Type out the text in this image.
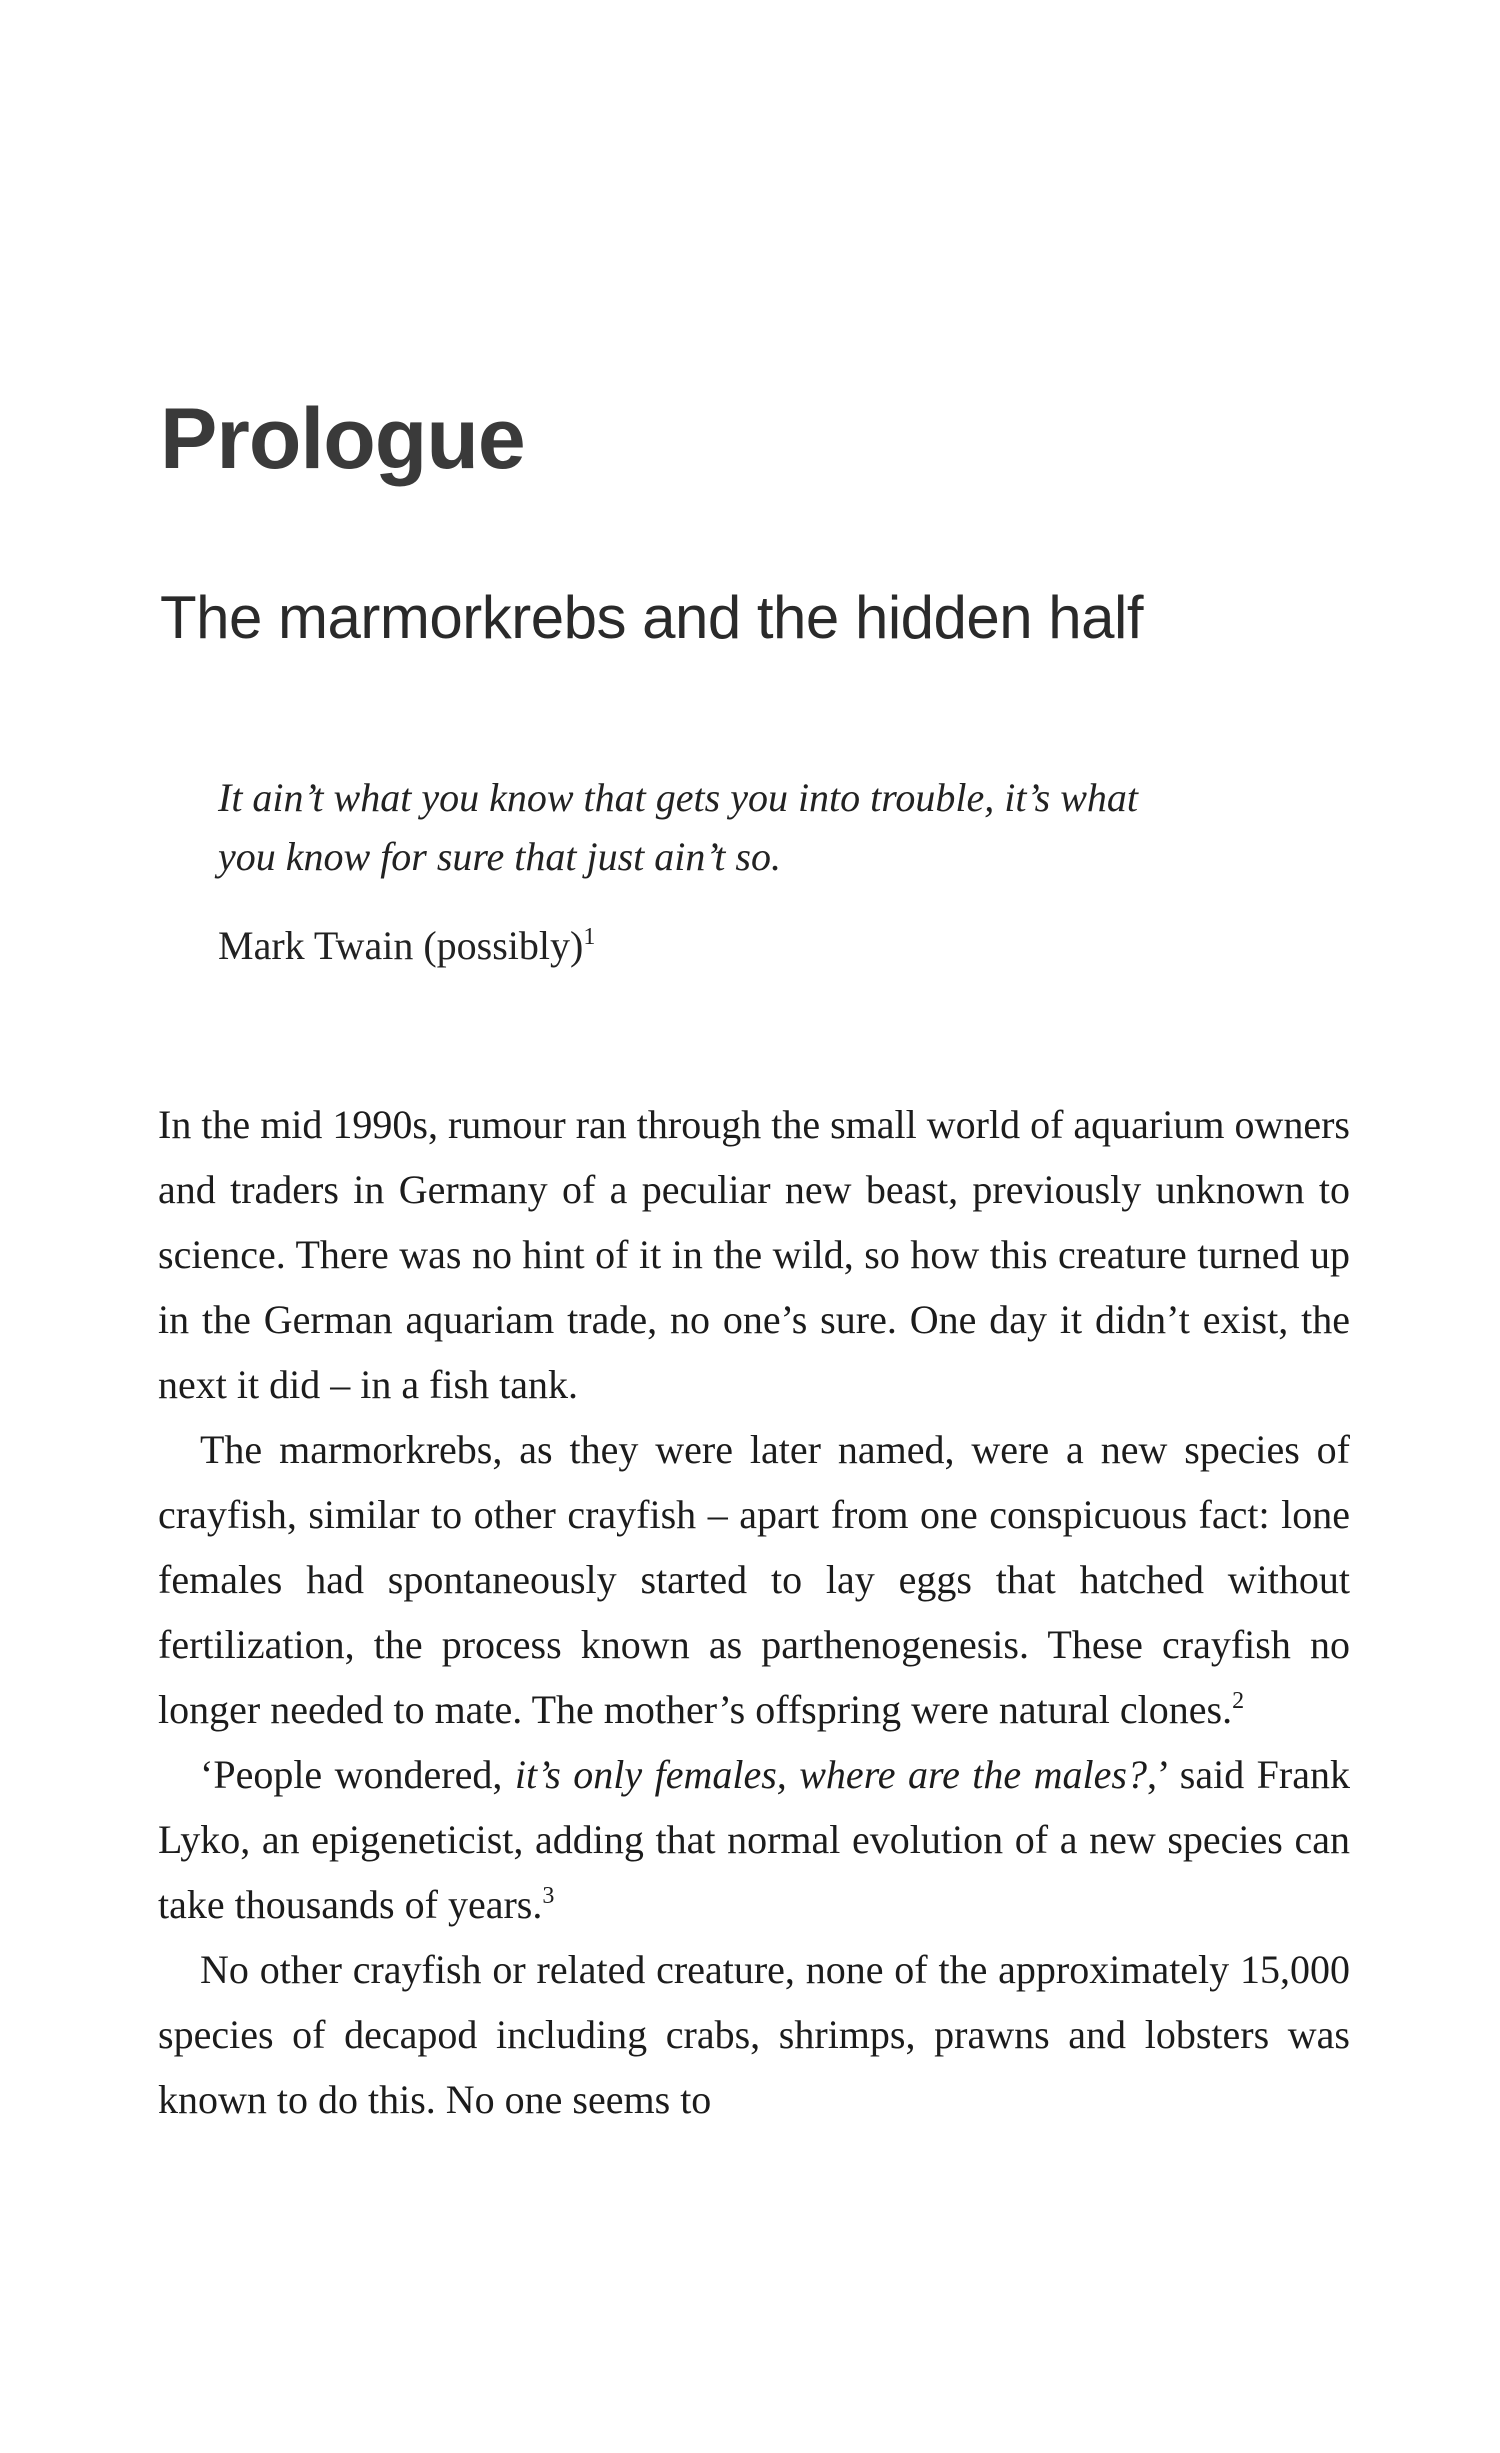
Prologue
The marmorkrebs and the hidden half

It ain’t what you know that gets you into trouble, it’s what
you know for sure that just ain’t so.

Mark Twain (possibly)$^1$

In the mid 1990s, rumour ran through the small world of aquarium owners and traders in Germany of a peculiar new beast, previously unknown to science. There was no hint of it in the wild, so how this creature turned up in the German aquariam trade, no one’s sure. One day it didn’t exist, the next it did – in a fish tank.

The marmorkrebs, as they were later named, were a new species of crayfish, similar to other crayfish – apart from one conspicuous fact: lone females had spontaneously started to lay eggs that hatched without fertilization, the process known as parthenogenesis. These crayfish no longer needed to mate. The mother’s offspring were natural clones.$^2$

‘People wondered, it’s only females, where are the males?,’ said Frank Lyko, an epigeneticist, adding that normal evolution of a new species can take thousands of years.$^3$

No other crayfish or related creature, none of the approximately 15,000 species of decapod including crabs, shrimps, prawns and lobsters was known to do this. No one seems to
